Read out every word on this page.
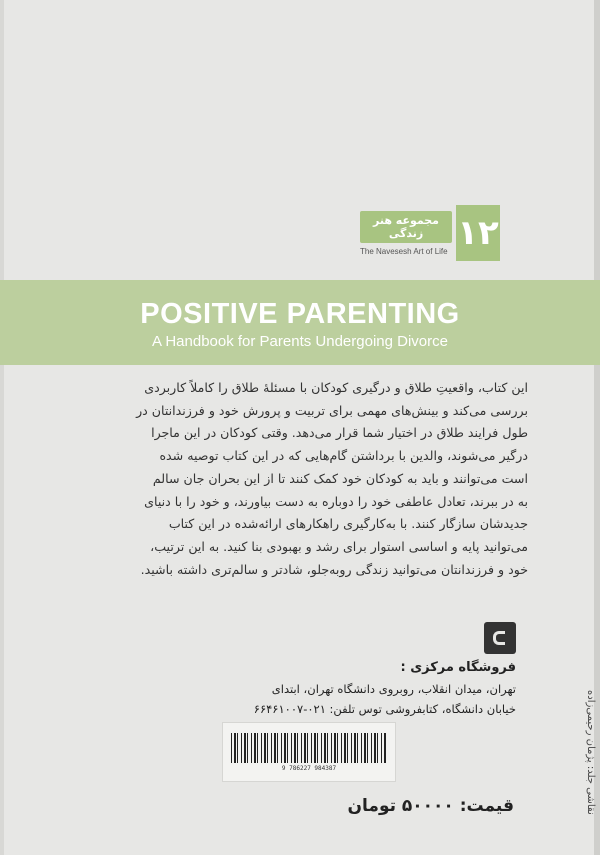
۱۲
مجموعه هنر زندگی
The Navesesh Art of Life
POSITIVE PARENTING
A Handbook for Parents Undergoing Divorce

این کتاب، واقعیتِ طلاق و درگیری کودکان با مسئلهٔ طلاق را کاملاً کاربردی

بررسی می‌کند و بینش‌های مهمی برای تربیت و پرورش خود و فرزندانتان در

طول فرایند طلاق در اختیار شما قرار می‌دهد. وقتی کودکان در این ماجرا

درگیر می‌شوند، والدین با برداشتن گام‌هایی که در این کتاب توصیه شده

است می‌توانند و باید به کودکان خود کمک کنند تا از این بحران جان سالم

به در ببرند، تعادل عاطفی خود را دوباره به دست بیاورند، و خود را با دنیای

جدیدشان سازگار کنند. با به‌کارگیری راهکارهای ارائه‌شده در این کتاب

می‌توانید پایه و اساسی استوار برای رشد و بهبودی بنا کنید. به این ترتیب،

خود و فرزندانتان می‌توانید زندگی روبه‌جلو، شادتر و سالم‌تری داشته باشید.

فروشگاه مرکزی :
تهران، میدان انقلاب، روبروی دانشگاه تهران، ابتدای
خیابان دانشگاه، کتابفروشی توس تلفن: ۰۲۱-۶۶۴۶۱۰۰۷
9 786227 984387
قیمت: ۵۰۰۰۰ تومان	نقاشی جلد: پژمان رحیمی‌زاده
